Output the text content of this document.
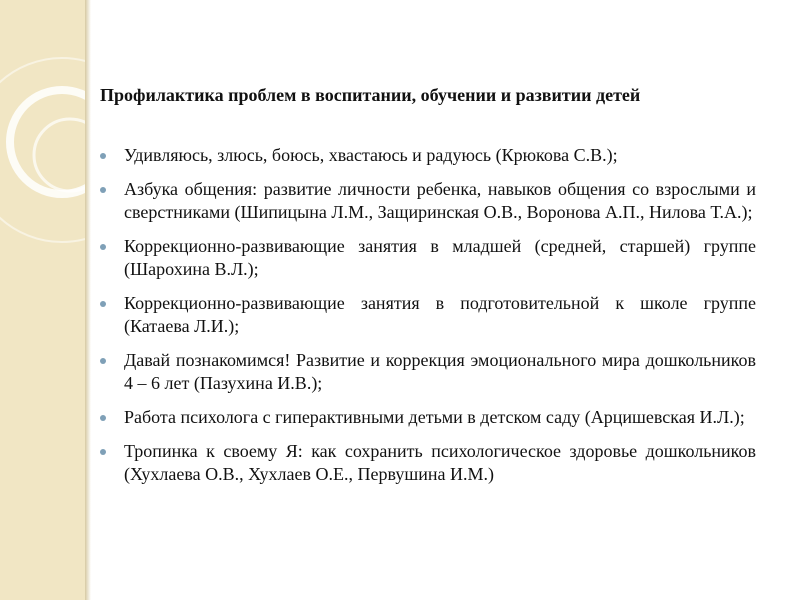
Профилактика проблем в воспитании, обучении и развитии детей
Удивляюсь, злюсь, боюсь, хвастаюсь и радуюсь (Крюкова С.В.);
Азбука общения: развитие личности ребенка, навыков общения со взрослыми и сверстниками (Шипицына Л.М., Защиринская О.В., Воронова А.П., Нилова Т.А.);
Коррекционно-развивающие занятия в младшей (средней, старшей) группе (Шарохина В.Л.);
Коррекционно-развивающие занятия в подготовительной к школе группе (Катаева Л.И.);
Давай познакомимся! Развитие и коррекция эмоционального мира дошкольников 4 – 6 лет (Пазухина И.В.);
Работа психолога с гиперактивными детьми в детском саду (Арцишевская И.Л.);
Тропинка к своему Я: как сохранить психологическое здоровье дошкольников (Хухлаева О.В., Хухлаев О.Е., Первушина И.М.)
